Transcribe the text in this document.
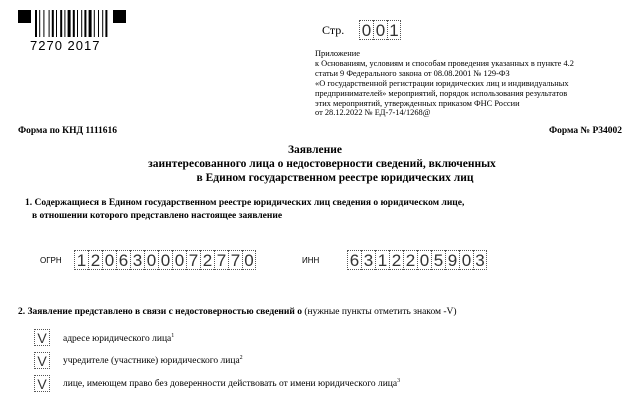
7270 2017
Стр. 0 0 1
Приложение
к Основаниям, условиям и способам проведения указанных в пункте 4.2
статьи 9 Федерального закона от 08.08.2001 № 129-ФЗ
«О государственной регистрации юридических лиц и индивидуальных
предпринимателей» мероприятий, порядок использования результатов
этих мероприятий, утвержденных приказом ФНС России
от 28.12.2022 № ЕД-7-14/1268@
Форма по КНД 1111616	Форма № Р34002
Заявление
заинтересованного лица о недостоверности сведений, включенных
в Едином государственном реестре юридических лиц
1. Содержащиеся в Едином государственном реестре юридических лиц сведения о юридическом лице,
в отношении которого представлено настоящее заявление
ОГРН 1 2 0 6 3 0 0 0 7 2 7 7 0	ИНН 6 3 1 2 2 0 5 9 0 3
2. Заявление представлено в связи с недостоверностью сведений о (нужные пункты отметить знаком -V)
V	адресе юридического лица$^1$
V	учредителе (участнике) юридического лица$^2$
V	лице, имеющем право без доверенности действовать от имени юридического лица$^3$
